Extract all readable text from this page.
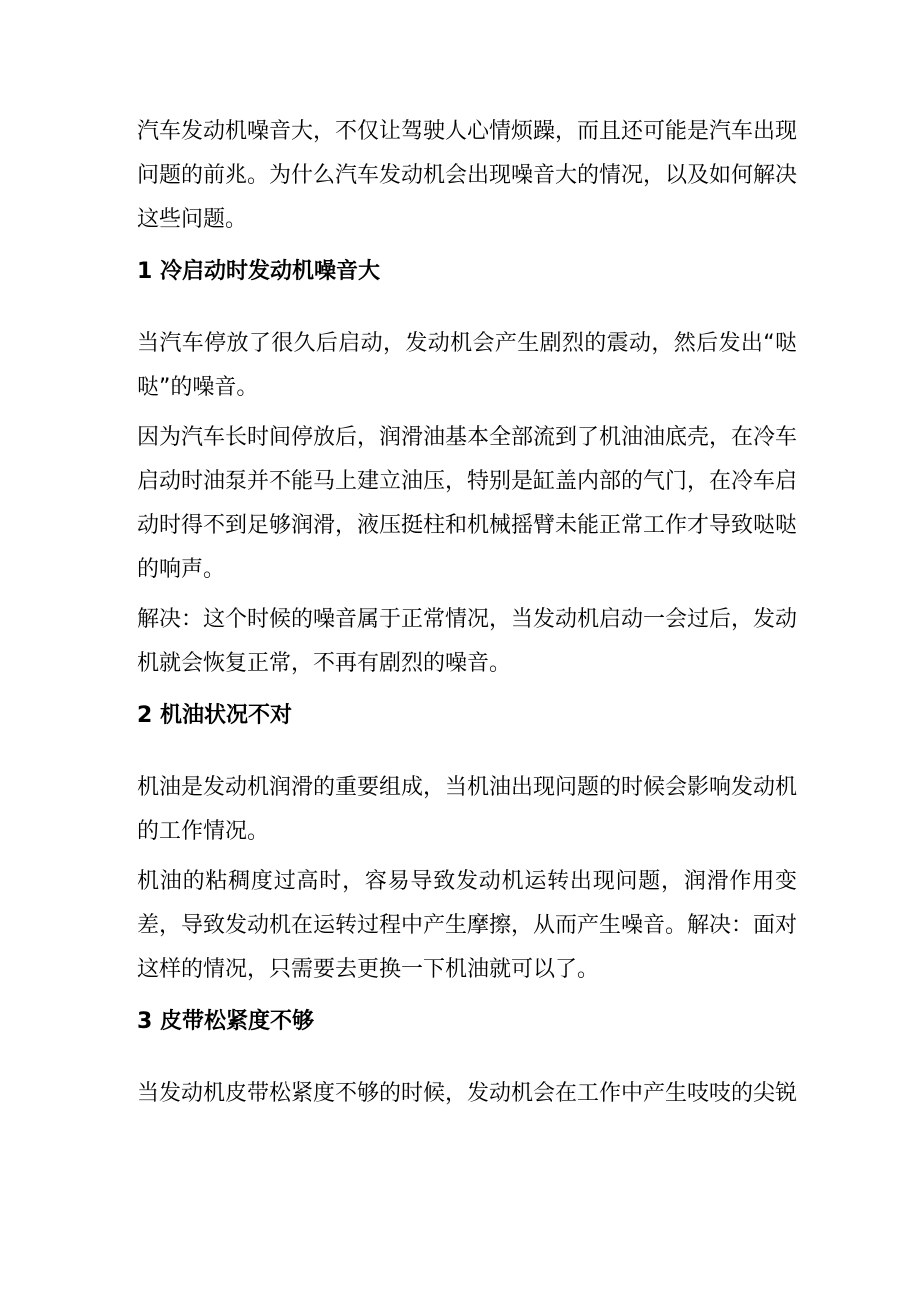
汽车发动机噪音大，不仅让驾驶人心情烦躁，而且还可能是汽车出现问题的前兆。为什么汽车发动机会出现噪音大的情况，以及如何解决这些问题。

1 冷启动时发动机噪音大

当汽车停放了很久后启动，发动机会产生剧烈的震动，然后发出“哒哒”的噪音。

因为汽车长时间停放后，润滑油基本全部流到了机油油底壳，在冷车启动时油泵并不能马上建立油压，特别是缸盖内部的气门，在冷车启动时得不到足够润滑，液压挺柱和机械摇臂未能正常工作才导致哒哒的响声。

解决：这个时候的噪音属于正常情况，当发动机启动一会过后，发动机就会恢复正常，不再有剧烈的噪音。

2 机油状况不对

机油是发动机润滑的重要组成，当机油出现问题的时候会影响发动机的工作情况。

机油的粘稠度过高时，容易导致发动机运转出现问题，润滑作用变差，导致发动机在运转过程中产生摩擦，从而产生噪音。解决：面对这样的情况，只需要去更换一下机油就可以了。

3 皮带松紧度不够

当发动机皮带松紧度不够的时候，发动机会在工作中产生吱吱的尖锐
